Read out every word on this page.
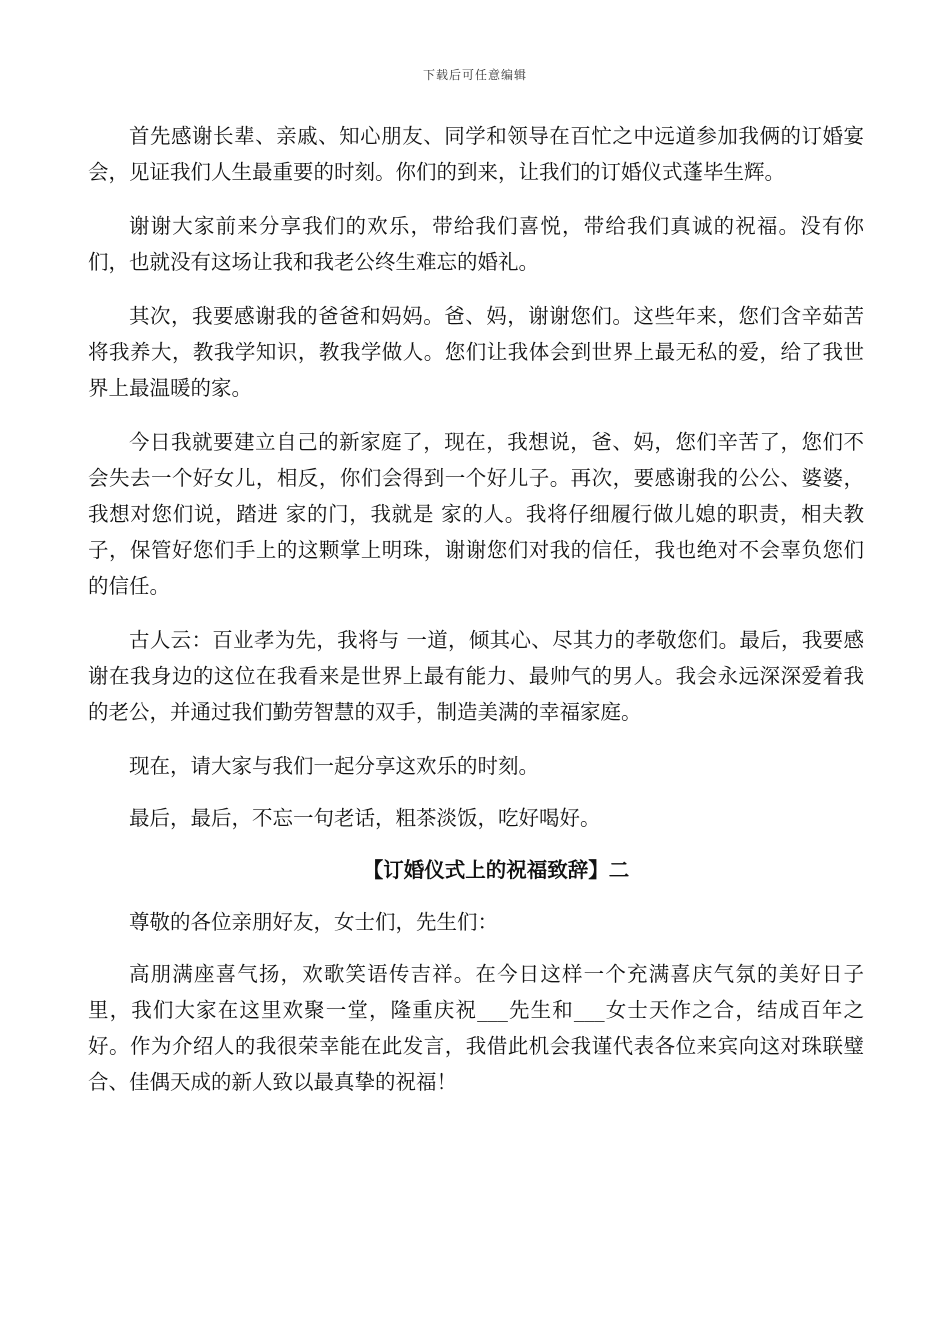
下载后可任意编辑

首先感谢长辈、亲戚、知心朋友、同学和领导在百忙之中远道参加我俩的订婚宴会，见证我们人生最重要的时刻。你们的到来，让我们的订婚仪式蓬毕生辉。

谢谢大家前来分享我们的欢乐，带给我们喜悦，带给我们真诚的祝福。没有你们，也就没有这场让我和我老公终生难忘的婚礼。

其次，我要感谢我的爸爸和妈妈。爸、妈，谢谢您们。这些年来，您们含辛茹苦将我养大，教我学知识，教我学做人。您们让我体会到世界上最无私的爱，给了我世界上最温暖的家。

今日我就要建立自己的新家庭了，现在，我想说，爸、妈，您们辛苦了，您们不会失去一个好女儿，相反，你们会得到一个好儿子。再次，要感谢我的公公、婆婆，我想对您们说，踏进 家的门，我就是 家的人。我将仔细履行做儿媳的职责，相夫教子，保管好您们手上的这颗掌上明珠，谢谢您们对我的信任，我也绝对不会辜负您们的信任。

古人云：百业孝为先，我将与 一道，倾其心、尽其力的孝敬您们。最后，我要感谢在我身边的这位在我看来是世界上最有能力、最帅气的男人。我会永远深深爱着我的老公，并通过我们勤劳智慧的双手，制造美满的幸福家庭。

现在，请大家与我们一起分享这欢乐的时刻。

最后，最后，不忘一句老话，粗茶淡饭，吃好喝好。

【订婚仪式上的祝福致辞】二

尊敬的各位亲朋好友，女士们，先生们：

高朋满座喜气扬，欢歌笑语传吉祥。在今日这样一个充满喜庆气氛的美好日子里，我们大家在这里欢聚一堂，隆重庆祝___先生和___女士天作之合，结成百年之好。作为介绍人的我很荣幸能在此发言，我借此机会我谨代表各位来宾向这对珠联璧合、佳偶天成的新人致以最真挚的祝福！
